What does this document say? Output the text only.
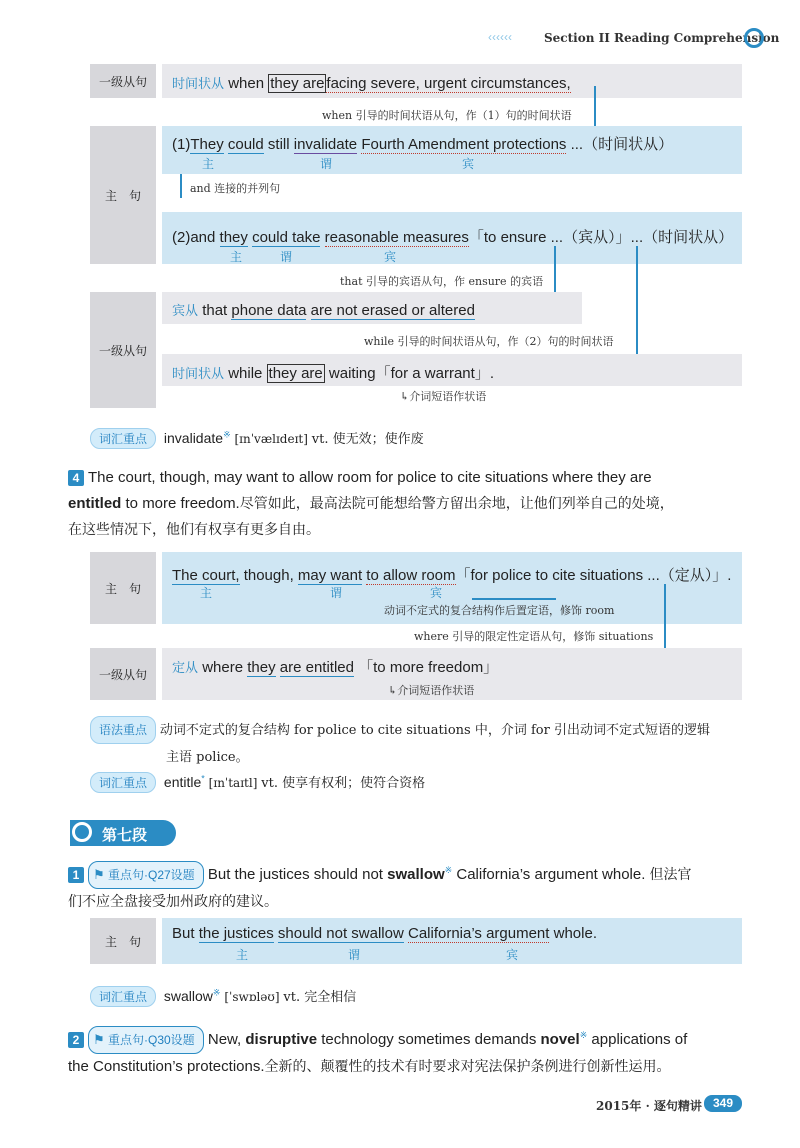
‹‹‹‹‹‹	Section II Reading Comprehension
一级从句	时间状从 when they are facing severe, urgent circumstances,
when 引导的时间状语从句，作（1）句的时间状语
主　句
(1)They could still invalidate Fourth Amendment protections ...（时间状从）
主	谓	宾
and 连接的并列句
(2)and they could take reasonable measures「to ensure ...（宾从）」...（时间状从）
主	谓	宾
that 引导的宾语从句，作 ensure 的宾语
一级从句
宾从 that phone data are not erased or altered
while 引导的时间状语从句，作（2）句的时间状语
时间状从 while they are waiting「for a warrant」.
↳介词短语作状语
词汇重点 invalidate※ [ɪnˈvælɪdeɪt] vt. 使无效；使作废
4 The court, though, may want to allow room for police to cite situations where they are
entitled to more freedom.尽管如此，最高法院可能想给警方留出余地，让他们列举自己的处境，
在这些情况下，他们有权享有更多自由。
主　句
The court, though, may want to allow room「for police to cite situations ...（定从）」.
主	谓	宾
动词不定式的复合结构作后置定语，修饰 room
where 引导的限定性定语从句，修饰 situations
一级从句	定从 where they are entitled 「to more freedom」
↳介词短语作状语
语法重点 动词不定式的复合结构 for police to cite situations 中，介词 for 引出动词不定式短语的逻辑
主语 police。
词汇重点 entitle* [ɪnˈtaɪtl] vt. 使享有权利；使符合资格
第七段
1 ⚑ 重点句·Q27设题 But the justices should not swallow※ California’s argument whole. 但法官
们不应全盘接受加州政府的建议。
主　句	But the justices should not swallow California’s argument whole.
主	谓	宾
词汇重点 swallow※ [ˈswɒləʊ] vt. 完全相信
2 ⚑ 重点句·Q30设题 New, disruptive technology sometimes demands novel※ applications of
the Constitution’s protections.全新的、颠覆性的技术有时要求对宪法保护条例进行创新性运用。
2015年 · 逐句精讲 349
